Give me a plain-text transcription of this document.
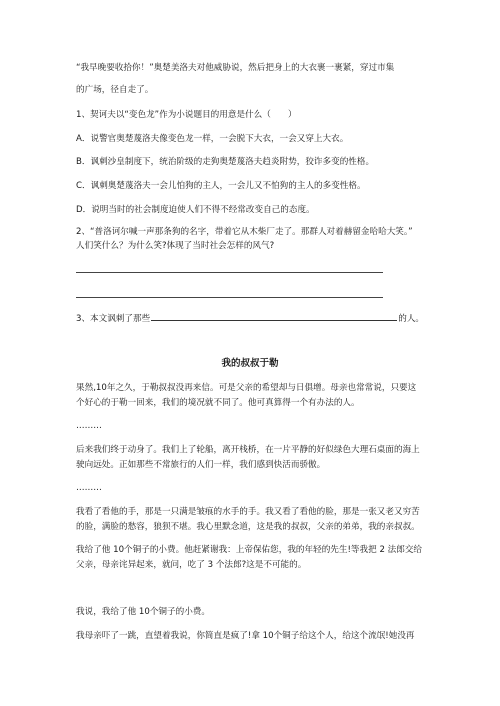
“我早晚要收拾你！”奥楚美洛夫对他威胁说，然后把身上的大衣裹一裹紧，穿过市集
的广场，径自走了。
1、契诃夫以“变色龙”作为小说题目的用意是什么（　　）
A．说警官奥楚蔑洛夫像变色龙一样，一会脱下大衣，一会又穿上大衣。
B．讽刺沙皇制度下，统治阶级的走狗奥楚蔑洛夫趋炎附势，狡诈多变的性格。
C．讽刺奥楚蔑洛夫一会儿怕狗的主人，一会儿又不怕狗的主人的多变性格。
D．说明当时的社会制度迫使人们不得不经常改变自己的态度。
2、“普洛诃尔喊一声那条狗的名字，带着它从木柴厂走了。那群人对着赫留金哈哈大笑。”
人们笑什么？为什么笑?体现了当时社会怎样的风气?
3、本文讽刺了那些	的人。
我的叔叔于勒
果然,10年之久，于勒叔叔没再来信。可是父亲的希望却与日俱增。母亲也常常说，只要这
个好心的于勒一回来，我们的境况就不同了。他可真算得一个有办法的人。
………
后来我们终于动身了。我们上了轮船，离开栈桥，在一片平静的好似绿色大理石桌面的海上
驶向远处。正如那些不常旅行的人们一样，我们感到快活而骄傲。
………
我看了看他的手，那是一只满是皱痕的水手的手。我又看了看他的脸，那是一张又老又穷苦
的脸，满脸的愁容，狼狈不堪。我心里默念道，这是我的叔叔，父亲的弟弟，我的亲叔叔。
我给了他 10个铜子的小费。他赶紧谢我：上帝保佑您，我的年轻的先生!等我把 2 法郎交给
父亲，母亲诧异起来，就问，吃了 3 个法郎?这是不可能的。
我说，我给了他 10个铜子的小费。
我母亲吓了一跳，直望着我说，你简直是疯了!拿 10个铜子给这个人，给这个流氓!她没再
